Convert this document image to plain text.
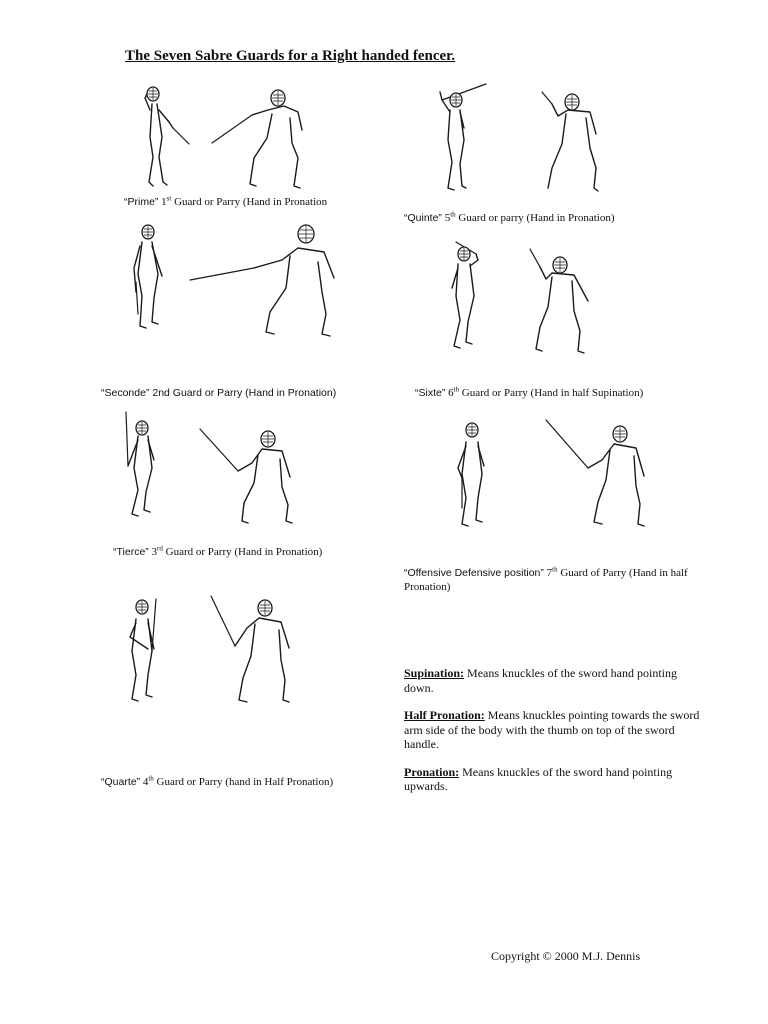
The Seven Sabre Guards for a Right handed fencer.
“Prime” 1st Guard or Parry (Hand in Pronation
“Quinte” 5th Guard or parry (Hand in Pronation)
“Seconde” 2nd Guard or Parry (Hand in Pronation)	“Sixte” 6th Guard or Parry (Hand in half Supination)
“Tierce” 3rd Guard or Parry (Hand in Pronation)
“Offensive Defensive position” 7th Guard of Parry (Hand in half Pronation)
“Quarte” 4th Guard or Parry (hand in Half Pronation)

Supination: Means knuckles of the sword hand pointing down.

Half Pronation: Means knuckles pointing towards the sword arm side of the body with the thumb on top of the sword handle.

Pronation: Means knuckles of the sword hand pointing upwards.

Copyright © 2000 M.J. Dennis
